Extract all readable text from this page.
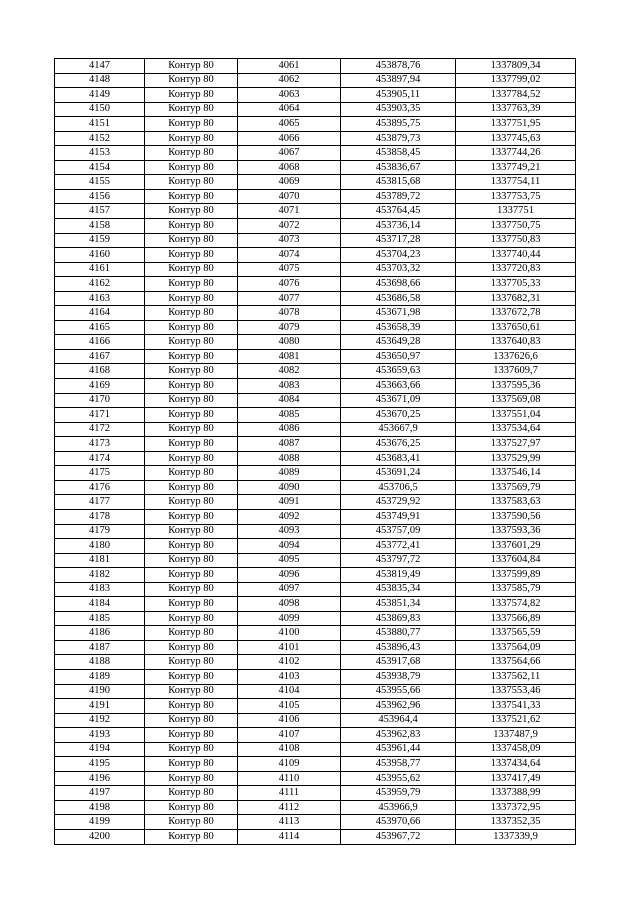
4147	Контур 80	4061	453878,76	1337809,34
4148	Контур 80	4062	453897,94	1337799,02
4149	Контур 80	4063	453905,11	1337784,52
4150	Контур 80	4064	453903,35	1337763,39
4151	Контур 80	4065	453895,75	1337751,95
4152	Контур 80	4066	453879,73	1337745,63
4153	Контур 80	4067	453858,45	1337744,26
4154	Контур 80	4068	453836,67	1337749,21
4155	Контур 80	4069	453815,68	1337754,11
4156	Контур 80	4070	453789,72	1337753,75
4157	Контур 80	4071	453764,45	1337751
4158	Контур 80	4072	453736,14	1337750,75
4159	Контур 80	4073	453717,28	1337750,83
4160	Контур 80	4074	453704,23	1337740,44
4161	Контур 80	4075	453703,32	1337720,83
4162	Контур 80	4076	453698,66	1337705,33
4163	Контур 80	4077	453686,58	1337682,31
4164	Контур 80	4078	453671,98	1337672,78
4165	Контур 80	4079	453658,39	1337650,61
4166	Контур 80	4080	453649,28	1337640,83
4167	Контур 80	4081	453650,97	1337626,6
4168	Контур 80	4082	453659,63	1337609,7
4169	Контур 80	4083	453663,66	1337595,36
4170	Контур 80	4084	453671,09	1337569,08
4171	Контур 80	4085	453670,25	1337551,04
4172	Контур 80	4086	453667,9	1337534,64
4173	Контур 80	4087	453676,25	1337527,97
4174	Контур 80	4088	453683,41	1337529,99
4175	Контур 80	4089	453691,24	1337546,14
4176	Контур 80	4090	453706,5	1337569,79
4177	Контур 80	4091	453729,92	1337583,63
4178	Контур 80	4092	453749,91	1337590,56
4179	Контур 80	4093	453757,09	1337593,36
4180	Контур 80	4094	453772,41	1337601,29
4181	Контур 80	4095	453797,72	1337604,84
4182	Контур 80	4096	453819,49	1337599,89
4183	Контур 80	4097	453835,34	1337585,79
4184	Контур 80	4098	453851,34	1337574,82
4185	Контур 80	4099	453869,83	1337566,89
4186	Контур 80	4100	453880,77	1337565,59
4187	Контур 80	4101	453896,43	1337564,09
4188	Контур 80	4102	453917,68	1337564,66
4189	Контур 80	4103	453938,79	1337562,11
4190	Контур 80	4104	453955,66	1337553,46
4191	Контур 80	4105	453962,96	1337541,33
4192	Контур 80	4106	453964,4	1337521,62
4193	Контур 80	4107	453962,83	1337487,9
4194	Контур 80	4108	453961,44	1337458,09
4195	Контур 80	4109	453958,77	1337434,64
4196	Контур 80	4110	453955,62	1337417,49
4197	Контур 80	4111	453959,79	1337388,99
4198	Контур 80	4112	453966,9	1337372,95
4199	Контур 80	4113	453970,66	1337352,35
4200	Контур 80	4114	453967,72	1337339,9
